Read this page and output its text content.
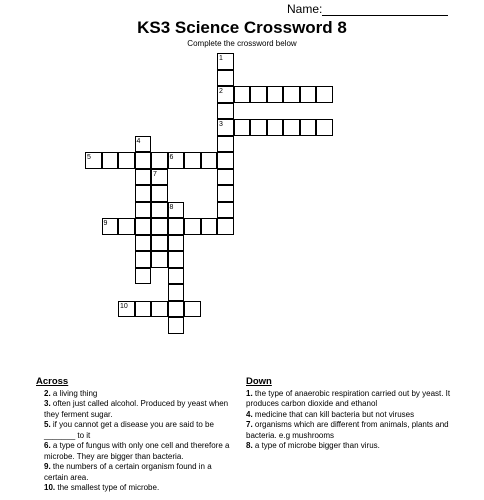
Name:
KS3 Science Crossword 8
Complete the crossword below
1
2
3
4
5	6
7
8
9
10
Across

2. a living thing

3. often just called alcohol. Produced by yeast when they ferment sugar.

5. if you cannot get a disease you are said to be _______ to it

6. a type of fungus with only one cell and therefore a microbe. They are bigger than bacteria.

9. the numbers of a certain organism found in a certain area.

10. the smallest type of microbe.

Down

1. the type of anaerobic respiration carried out by yeast. It produces carbon dioxide and ethanol

4. medicine that can kill bacteria but not viruses

7. organisms which are different from animals, plants and bacteria. e.g mushrooms

8. a type of microbe bigger than virus.
